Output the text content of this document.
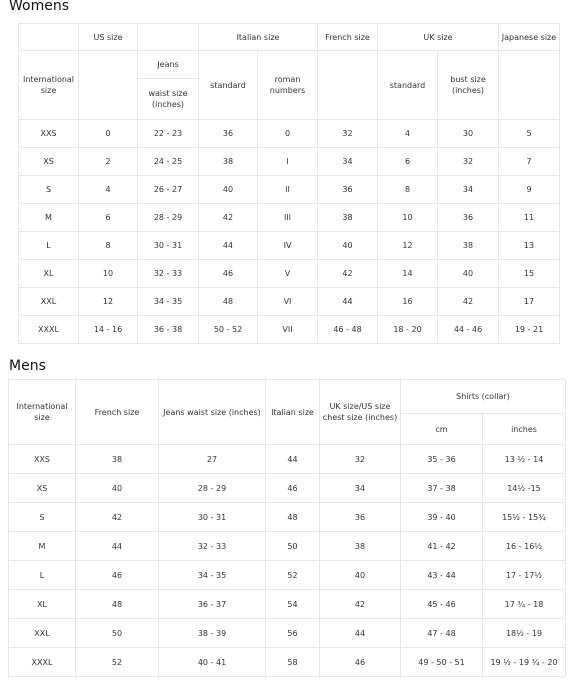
Womens
	US size		Italian size		French size	UK size		Japanese size
International size		Jeans	standard	roman numbers		standard	bust size (inches)	
		waist size (inches)						
XXS	0	22 - 23	36	0	32	4	30	5
XS	2	24 - 25	38	I	34	6	32	7
S	4	26 - 27	40	II	36	8	34	9
M	6	28 - 29	42	III	38	10	36	11
L	8	30 - 31	44	IV	40	12	38	13
XL	10	32 - 33	46	V	42	14	40	15
XXL	12	34 - 35	48	VI	44	16	42	17
XXXL	14 - 16	36 - 38	50 - 52	VII	46 - 48	18 - 20	44 - 46	19 - 21
Mens
International size	French size	Jeans waist size (inches)	Italian size	UK size/US size chest size (inches)	Shirts (collar)	
					cm	inches
XXS	38	27	44	32	35 - 36	13 ½ - 14
XS	40	28 - 29	46	34	37 - 38	14½ -15
S	42	30 - 31	48	36	39 - 40	15½ - 15¾
M	44	32 - 33	50	38	41 - 42	16 - 16½
L	46	34 - 35	52	40	43 - 44	17 - 17½
XL	48	36 - 37	54	42	45 - 46	17 ¾ - 18
XXL	50	38 - 39	56	44	47 - 48	18½ - 19
XXXL	52	40 - 41	58	46	49 - 50 - 51	19 ½ - 19 ¾ - 20
